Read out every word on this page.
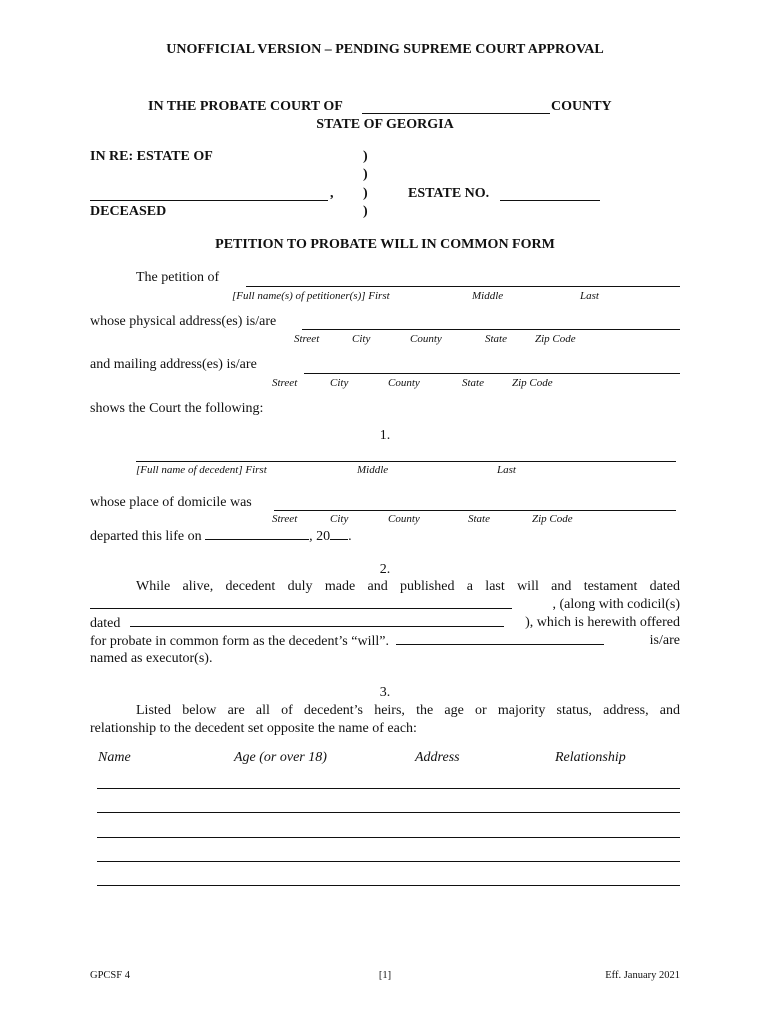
UNOFFICIAL VERSION – PENDING SUPREME COURT APPROVAL
IN THE PROBATE COURT OF	COUNTY
STATE OF GEORGIA
IN RE: ESTATE OF	)
)
, )	ESTATE NO.
DECEASED	)
PETITION TO PROBATE WILL IN COMMON FORM
The petition of
[Full name(s) of petitioner(s)] First	Middle	Last
whose physical address(es) is/are
Street	City	County	State	Zip Code
and mailing address(es) is/are
Street	City	County	State	Zip Code
shows the Court the following:
1.
[Full name of decedent] First	Middle	Last
whose place of domicile was
Street	City	County	State	Zip Code
departed this life on	, 20 .
2.
While alive, decedent duly made and published a last will and testament dated
, (along with codicil(s)
dated	), which is herewith offered
for probate in common form as the decedent’s “will”.	is/are
named as executor(s).
3.
Listed below are all of decedent’s heirs, the age or majority status, address, and
relationship to the decedent set opposite the name of each:
Name	Age (or over 18)	Address	Relationship
GPCSF 4	[1]	Eff. January 2021
